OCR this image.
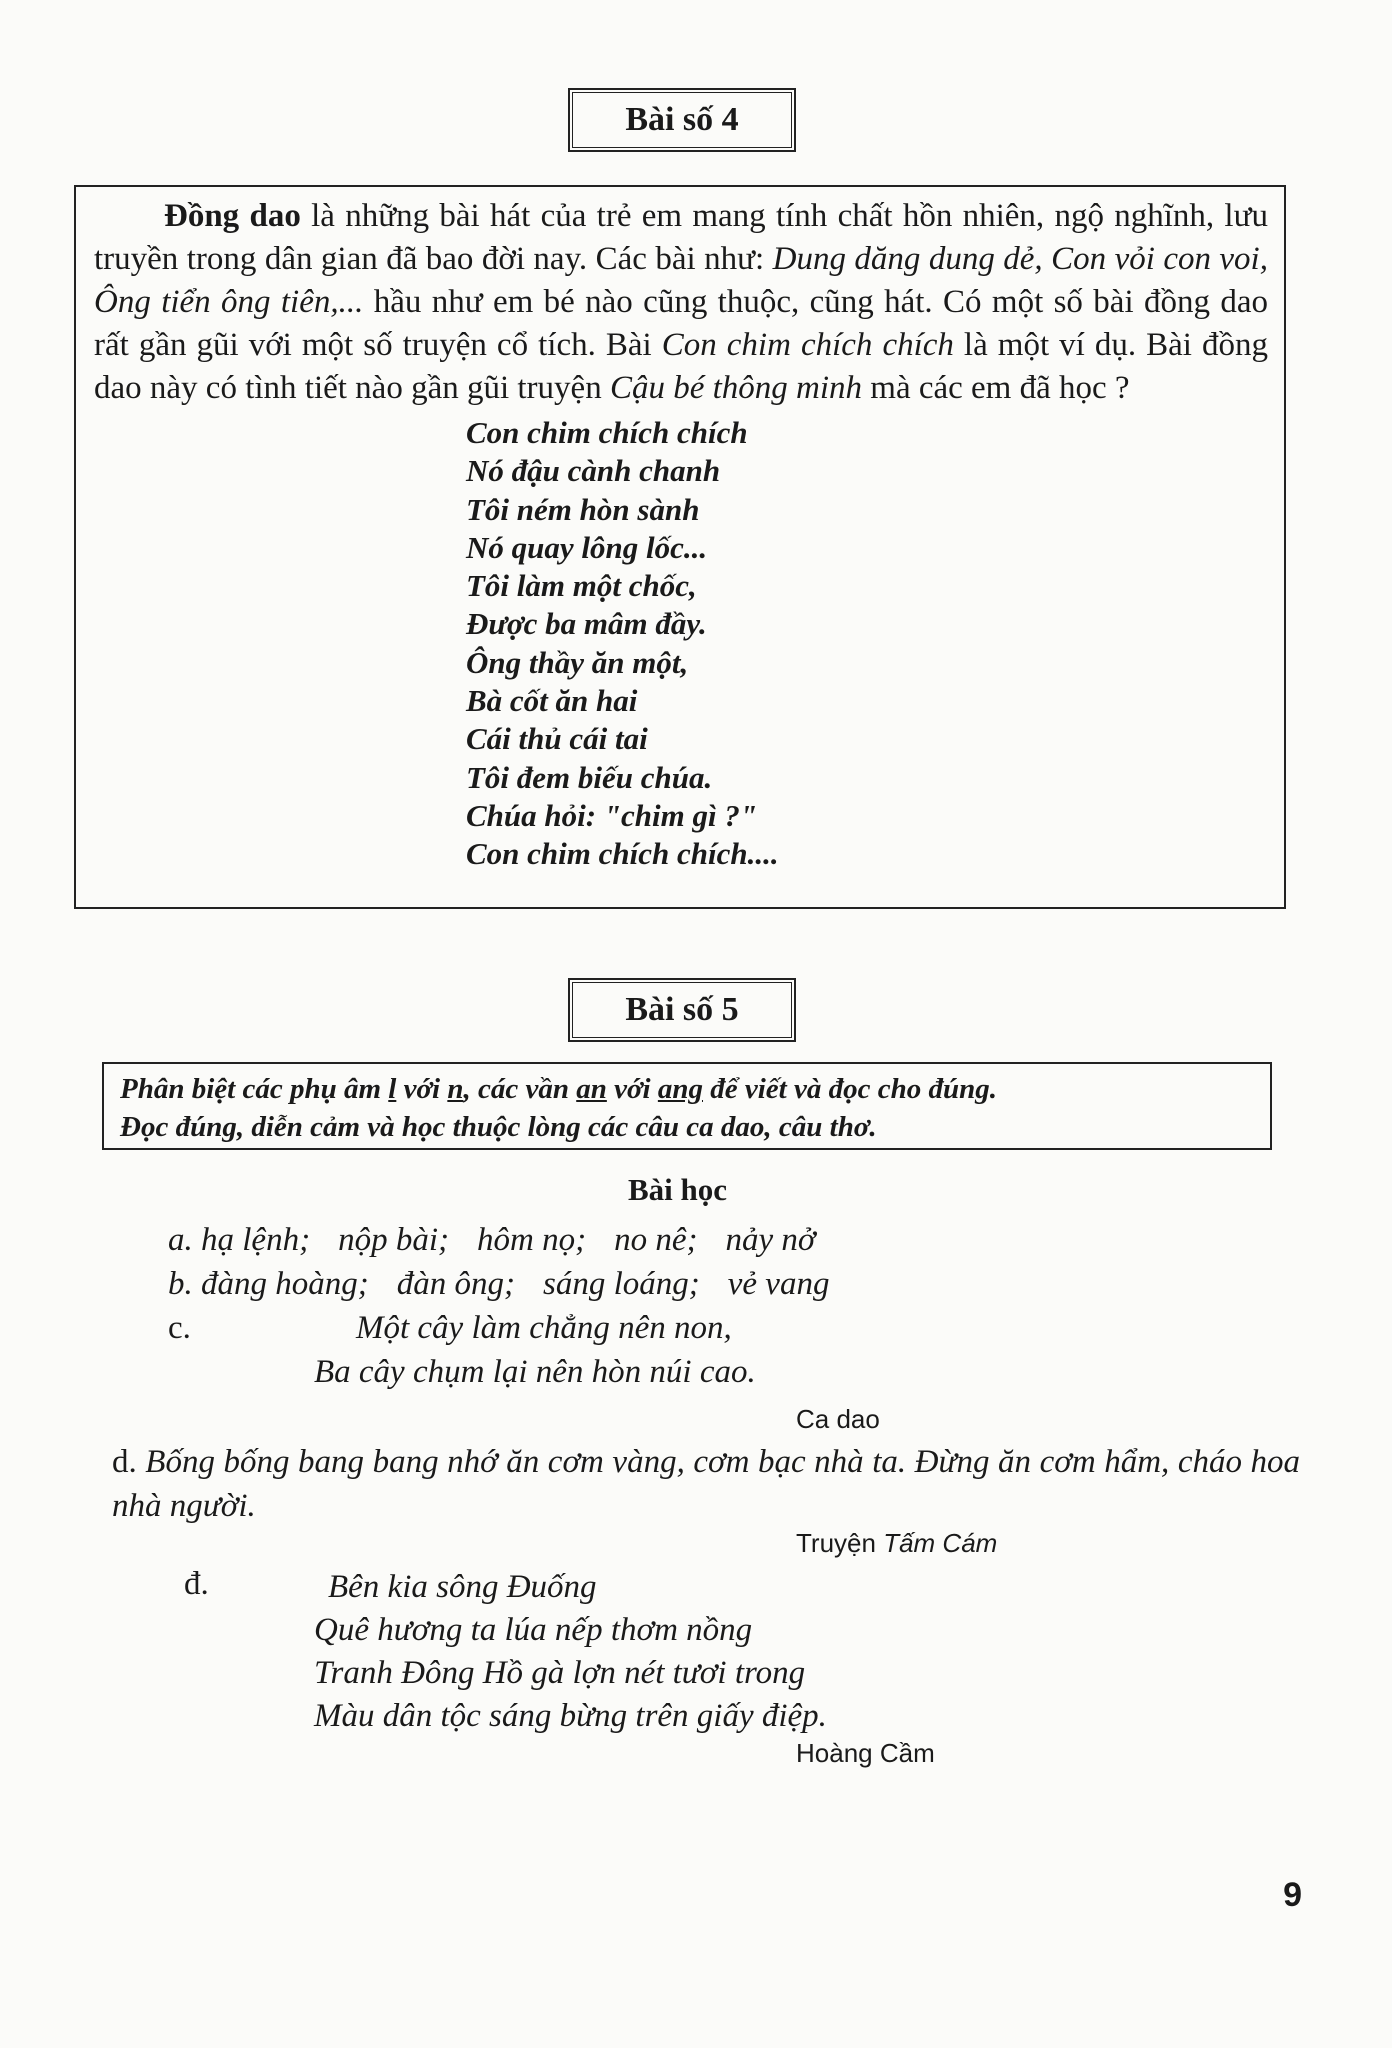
Bài số 4

Đồng dao là những bài hát của trẻ em mang tính chất hồn nhiên, ngộ nghĩnh, lưu truyền trong dân gian đã bao đời nay. Các bài như: Dung dăng dung dẻ, Con vỏi con voi, Ông tiển ông tiên,... hầu như em bé nào cũng thuộc, cũng hát. Có một số bài đồng dao rất gần gũi với một số truyện cổ tích. Bài Con chim chích chích là một ví dụ. Bài đồng dao này có tình tiết nào gần gũi truyện Cậu bé thông minh mà các em đã học ?

Con chim chích chích
Nó đậu cành chanh
Tôi ném hòn sành
Nó quay lông lốc...
Tôi làm một chốc,
Được ba mâm đầy.
Ông thầy ăn một,
Bà cốt ăn hai
Cái thủ cái tai
Tôi đem biếu chúa.
Chúa hỏi: "chim gì ?"
Con chim chích chích....
Bài số 5
Phân biệt các phụ âm l với n, các vần an với ang để viết và đọc cho đúng.
Đọc đúng, diễn cảm và học thuộc lòng các câu ca dao, câu thơ.
Bài học
a. hạ lệnh; nộp bài; hôm nọ; no nê; nảy nở
b. đàng hoàng; đàn ông; sáng loáng; vẻ vang
c.	Một cây làm chẳng nên non,
Ba cây chụm lại nên hòn núi cao.
Ca dao
d. Bống bống bang bang nhớ ăn cơm vàng, cơm bạc nhà ta. Đừng ăn cơm hẩm, cháo hoa nhà người.
Truyện Tấm Cám
đ.	Bên kia sông Đuống
Quê hương ta lúa nếp thơm nồng
Tranh Đông Hồ gà lợn nét tươi trong
Màu dân tộc sáng bừng trên giấy điệp.
Hoàng Cầm
9
